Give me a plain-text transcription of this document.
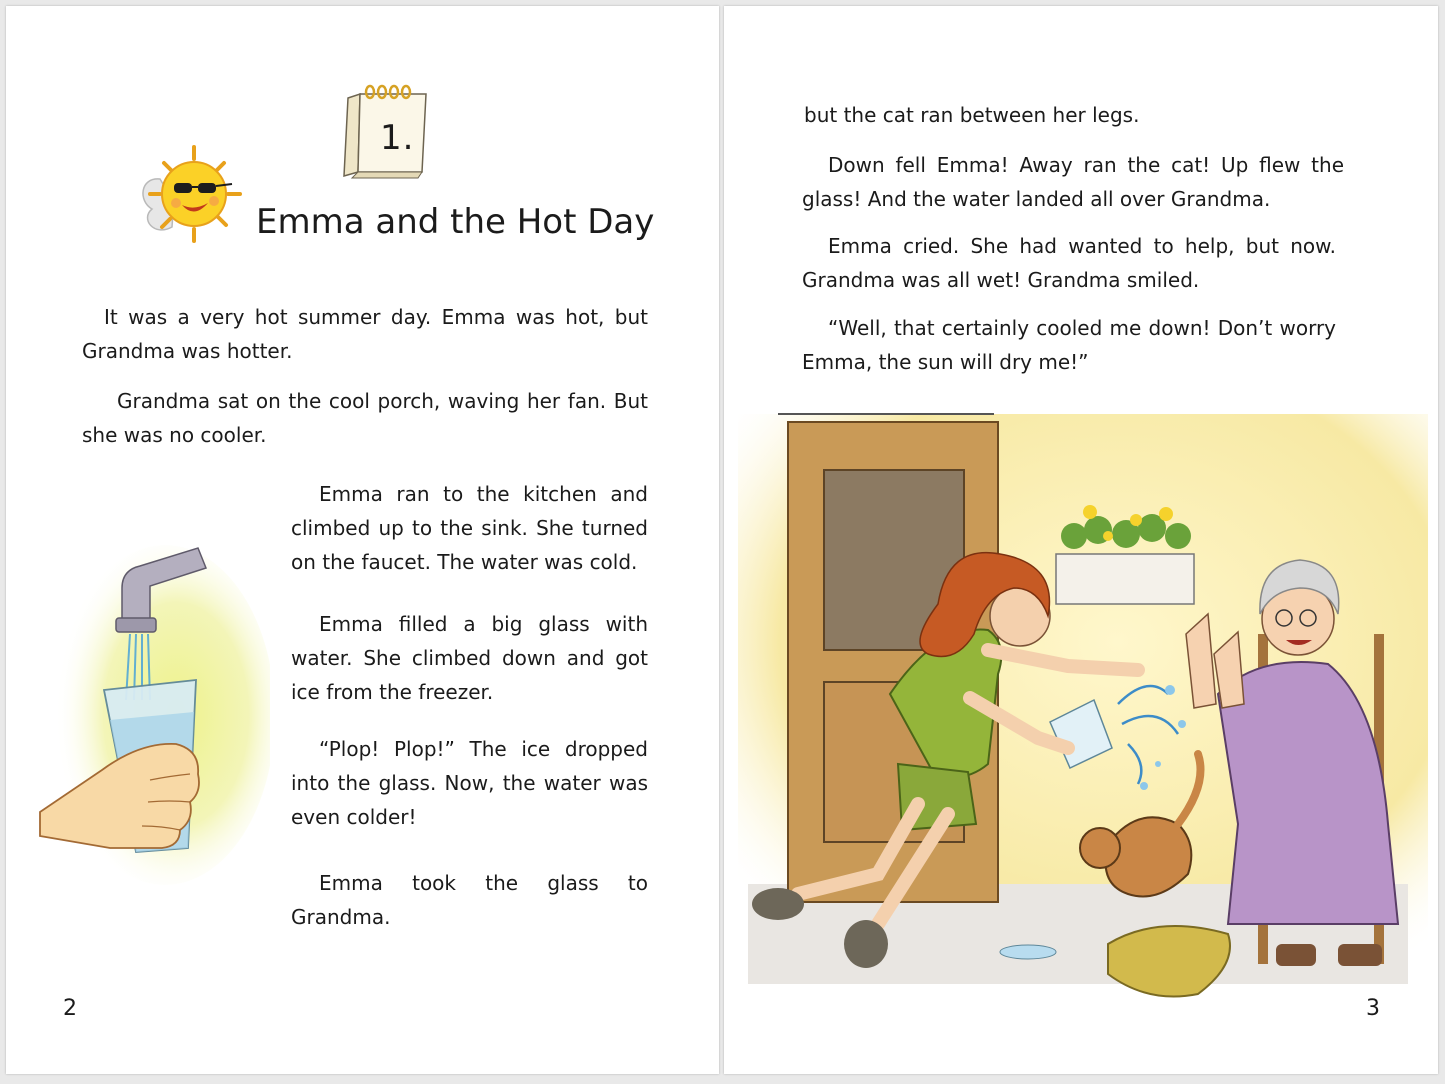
1.
Emma and the Hot Day

It was a very hot summer day. Emma was hot, but Grandma was hotter.

Grandma sat on the cool porch, waving her fan. But she was no cooler.

Emma ran to the kitchen and climbed up to the sink. She turned on the faucet. The water was cold.

Emma filled a big glass with water. She climbed down and got ice from the freezer.

“Plop! Plop!” The ice dropped into the glass. Now, the water was even colder!

Emma took the glass to Grandma.

2

but the cat ran between her legs.

Down fell Emma! Away ran the cat! Up flew the glass! And the water landed all over Grandma.

Emma cried. She had wanted to help, but now. Grandma was all wet! Grandma smiled.

“Well, that certainly cooled me down! Don’t worry Emma, the sun will dry me!”

3
